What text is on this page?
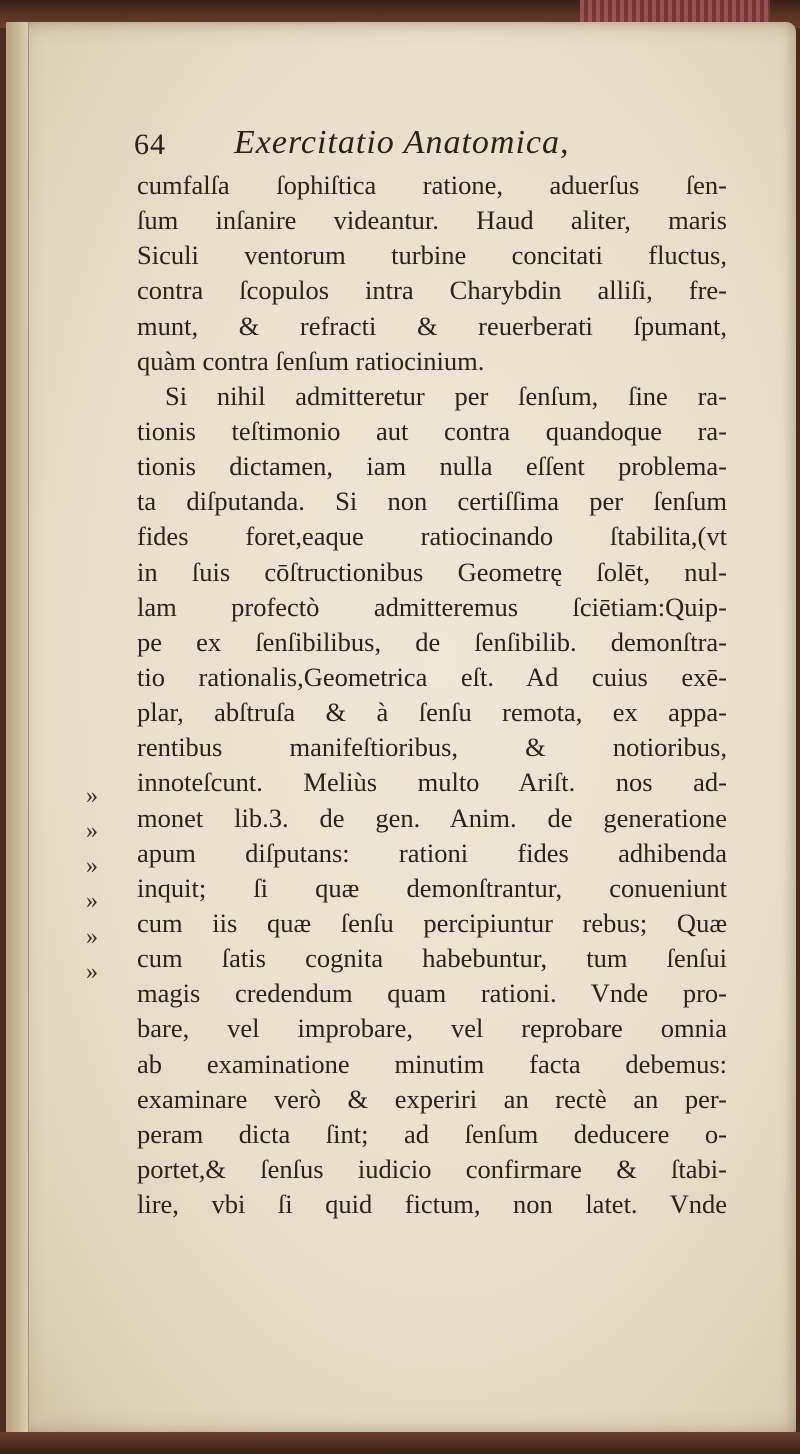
64 Exercitatio Anatomica,
cumfalſa ſophiſtica ratione, aduerſus ſen-
ſum inſanire videantur. Haud aliter, maris
Siculi ventorum turbine concitati fluctus,
contra ſcopulos intra Charybdin alliſi, fre-
munt, & refracti & reuerberati ſpumant,
quàm contra ſenſum ratiocinium.
Si nihil admitteretur per ſenſum, ſine ra-
tionis teſtimonio aut contra quandoque ra-
tionis dictamen, iam nulla eſſent problema-
ta diſputanda. Si non certiſſima per ſenſum
fides foret,eaque ratiocinando ſtabilita,(vt
in ſuis cōſtructionibus Geometrę ſolēt, nul-
lam profectò admitteremus ſciētiam:Quip-
pe ex ſenſibilibus, de ſenſibilib. demonſtra-
tio rationalis,Geometrica eſt. Ad cuius exē-
plar, abſtruſa & à ſenſu remota, ex appa-
rentibus manifeſtioribus, & notioribus,
innoteſcunt. Meliùs multo Ariſt. nos ad-
monet lib.3. de gen. Anim. de generatione
apum diſputans: rationi fides adhibenda
inquit; ſi quæ demonſtrantur, conueniunt
cum iis quæ ſenſu percipiuntur rebus; Quæ
cum ſatis cognita habebuntur, tum ſenſui
magis credendum quam rationi. Vnde pro-
bare, vel improbare, vel reprobare omnia
ab examinatione minutim facta debemus:
examinare verò & experiri an rectè an per-
peram dicta ſint; ad ſenſum deducere o-
portet,& ſenſus iudicio confirmare & ſtabi-
lire, vbi ſi quid fictum, non latet. Vnde
»
»
»
»
»
»
